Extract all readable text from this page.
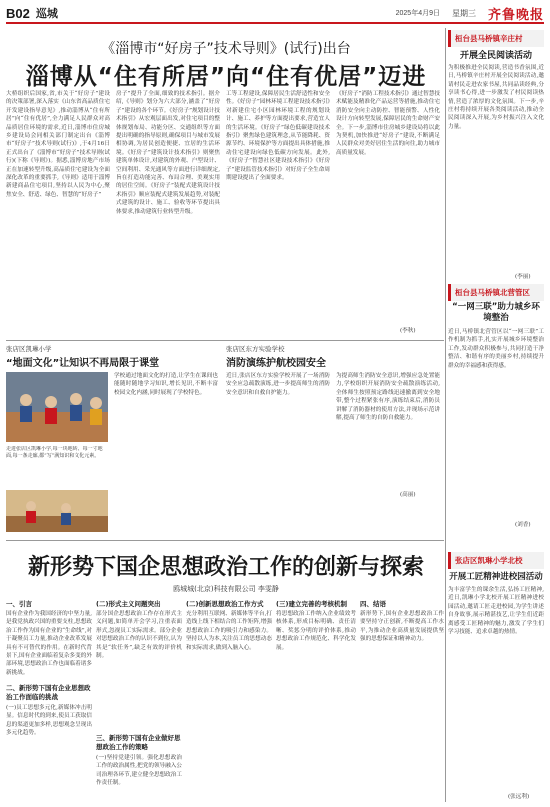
B02 巡城	2025年4月9日 星期三 齐鲁晚报
《淄博市“好房子”技术导则》(试行)出台
淄博从“住有所居”向“住有优居”迈进
大桥组织后国家,省,市关于“好房子”建设的决策部署,深入落实《山东省高品质住宅开发建设指导意见》,推动淄博从“住有所居”向“住有优居”,全力满足人民群众对高品质居住环境的需求,近日,淄博市住房城乡建设局会同相关部门制定出台《淄博市“好房子”技术导则(试行)》,于4月16日正式出台了《淄博市“好房子”技术导则(试行)(下称《导则》)。据悉,淄博房地产市场正在加速转型升级,高品质住宅建设为全面深化改革的重要抓手,《导则》适用于淄博新建商品住宅项目,坚持以人民为中心,聚焦安全、舒适、绿色、智慧的“好房子”
房子”提升了全面,细致的技术指引。据介绍,《导则》划分为六大部分,涵盖了“好房子”建设的各个环节。《好房子”规划设计技术指引》从宏观层面出发,对住宅项目的整体规划布局、功能分区、交通组织等方面提出明确的指导原则,确保项目与城市发展相协调,为居民创造便捷、宜居的生活环境。《好房子”建筑设计技术指引》则聚焦建筑单体设计,对建筑的外观、户型设计、空间利用、采光通风等方面进行详细规定,旨在打造功能完善、布局合理、美观实用的居住空间。《好房子”装配式建筑设计技术指引》顺应装配式建筑发展趋势,对装配式建筑的设计、施工、验收等环节提出具体要求,推动建筑行业转型升级。
工等工程建设,保障居民生活舒适性和安全性。《好房子”园林环境工程建设技术指引》对新建住宅小区园林环境工程的规划设计、施工、养护等方面提出要求,营造宜人的生活环境。《好房子”绿色低碳建设技术指引》聚焦绿色建筑理念,从节能降耗、资源节约、环境保护等方面提出具体措施,推动住宅建设向绿色低碳方向发展。此外,《好房子”智慧社区建设技术指引》《好房子”建设监管技术指引》对好房子全生命周期建设提出了全面要求。
《好房子”消防工程技术指引》通过智慧技术赋能及精准化产品运营等措施,推动住宅消防安全向主动防控、智能预警、人性化设计方向转型发展,保障居民的生命财产安全。下一步,淄博市住房城乡建设局将以此为契机,加快推进“好房子”建设,不断满足人民群众对美好居住生活的向往,助力城市高质量发展。
(李秋)
张店区凯琳小学
“地面文化”让知识不再局限于课堂
走进张店区凯琳小学,每一块地砖、每一寸地面,每一条走廊,都“写”满知识和文化元素。
学校通过地面文化的打造,让学生在课间也能随时随地学习知识,增长见识,不断丰富校园文化内涵,同时展现了学校特色。
张店区东方实验学校
消防演练护航校园安全
近日,张店区东方实验学校开展了一场消防安全应急疏散演练,进一步提高师生的消防安全意识和自救自护能力。
为提高师生消防安全意识,增强应急处置能力,学校组织开展消防安全疏散演练活动,全体师生按照预定路线迅速撤离到安全地带,整个过程紧张有序,演练结束后,消防员讲解了消防器材的使用方法,并现场示范讲解,提高了师生的自防自救能力。
(高丽)
新形势下国企思想政治工作的创新与探索
鸥城城(北京)科技有限公司 李雯静
一、引言
国有企业作为我国经济的中坚力量,是我党执政兴国的重要支柱,思想政治工作作为国有企业的“生命线”,对于凝聚员工力量,推动企业改革发展具有不可替代的作用。在新时代背景下,国有企业面临着复杂多变的外部环境,思想政治工作也面临着诸多新挑战。
二、新形势下国有企业思想政治工作面临的挑战
(一)员工思想多元化,新媒体冲击明显。信息时代的到来,使员工获取信息的渠道更加多样,思想观念呈现出多元化趋势。
(二)形式主义问题突出
部分国企思想政治工作存在形式主义问题,如简单开会学习,注重表面形式,忽视员工实际需求。部分企业对思想政治工作的认识不到位,认为其是“软任务”,缺乏有效的评价机制。
三、新形势下国有企业做好思想政治工作的策略
(一)坚持党建引领。强化思想政治工作的政治属性,把党的领导融入公司治理各环节,建立健全思想政治工作责任制。
(二)创新思想政治工作方式
充分利用互联网、新媒体等平台,打造线上线下相结合的工作矩阵,增强思想政治工作的吸引力和感染力。坚持以人为本,关注员工的思想动态和实际需求,做到入脑入心。
(三)建立完善的考核机制
将思想政治工作纳入企业绩效考核体系,形成目标明确、责任清晰、奖惩分明的评价体系,推动思想政治工作规范化、科学化发展。
四、结语
新形势下,国有企业思想政治工作要坚持守正创新,不断提高工作水平,为推动企业高质量发展提供坚强的思想保证和精神动力。
桓台县马桥镇辛庄村
开展全民阅读活动
为积极推进全民阅读,营造书香氛围,近日,马桥镇辛庄村开展全民阅读活动,邀请村民走进农家书屋,共同品读经典,分享读书心得,进一步激发了村民阅读热情,营造了浓厚的文化氛围。下一步,辛庄村将持续开展各类阅读活动,推动全民阅读深入开展,为乡村振兴注入文化力量。
(李丽)
桓台县马桥镇北营管区
“一网三联”助力城乡环境整治
近日,马桥镇北营管区以“一网三联”工作机制为抓手,扎实开展城乡环境整治工作,发动群众积极参与,共同打造干净整洁、和谐有序的美丽乡村,持续提升群众的幸福感和获得感。
(刘香)
张店区凯琳小学北校
开展工匠精神进校园活动
为丰富学生的课余生活,弘扬工匠精神,近日,凯琳小学北校开展工匠精神进校园活动,邀请工匠走进校园,为学生讲述自身故事,展示精湛技艺,让学生们近距离感受工匠精神的魅力,激发了学生们学习技能、追求卓越的热情。
(张远利)
